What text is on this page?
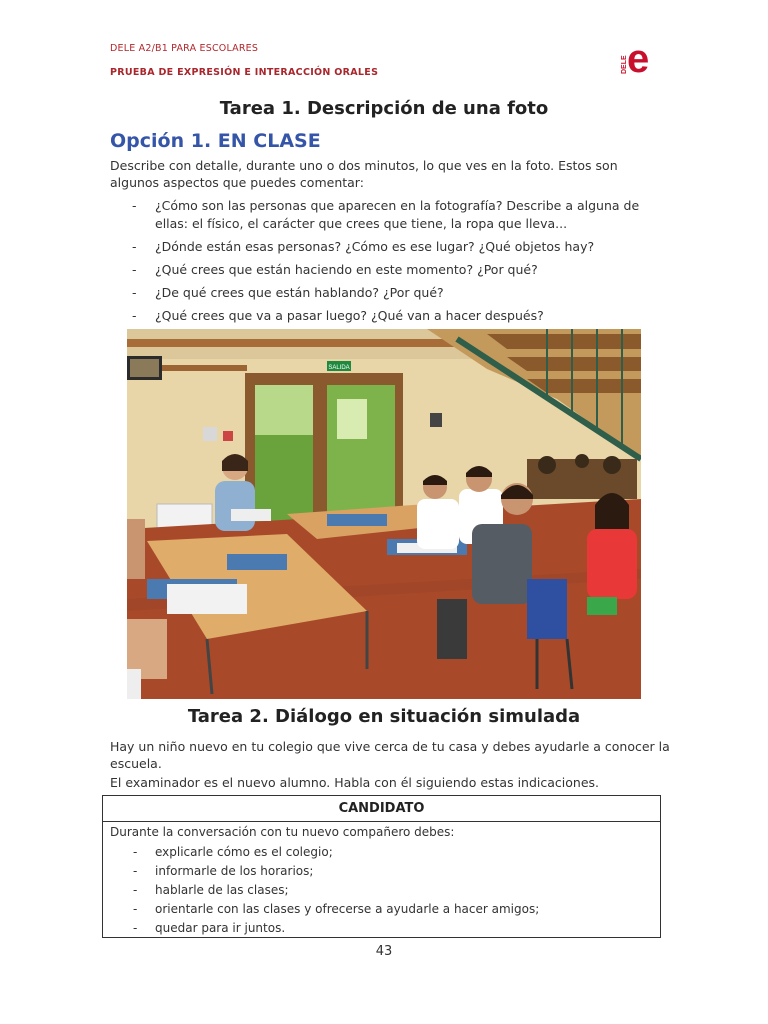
DELE A2/B1 PARA ESCOLARES
PRUEBA DE EXPRESIÓN E INTERACCIÓN ORALES	DELE e
Tarea 1. Descripción de una foto
Opción 1. EN CLASE
Describe con detalle, durante uno o dos minutos, lo que ves en la foto. Estos son algunos aspectos que puedes comentar:
- ¿Cómo son las personas que aparecen en la fotografía? Describe a alguna de ellas: el físico, el carácter que crees que tiene, la ropa que lleva...
- ¿Dónde están esas personas? ¿Cómo es ese lugar? ¿Qué objetos hay?
- ¿Qué crees que están haciendo en este momento? ¿Por qué?
- ¿De qué crees que están hablando? ¿Por qué?
- ¿Qué crees que va a pasar luego? ¿Qué van a hacer después?
SALIDA
Tarea 2. Diálogo en situación simulada
Hay un niño nuevo en tu colegio que vive cerca de tu casa y debes ayudarle a conocer la escuela.
El examinador es el nuevo alumno. Habla con él siguiendo estas indicaciones.
CANDIDATO
Durante la conversación con tu nuevo compañero debes:
- explicarle cómo es el colegio;
- informarle de los horarios;
- hablarle de las clases;
- orientarle con las clases y ofrecerse a ayudarle a hacer amigos;
- quedar para ir juntos.
43
